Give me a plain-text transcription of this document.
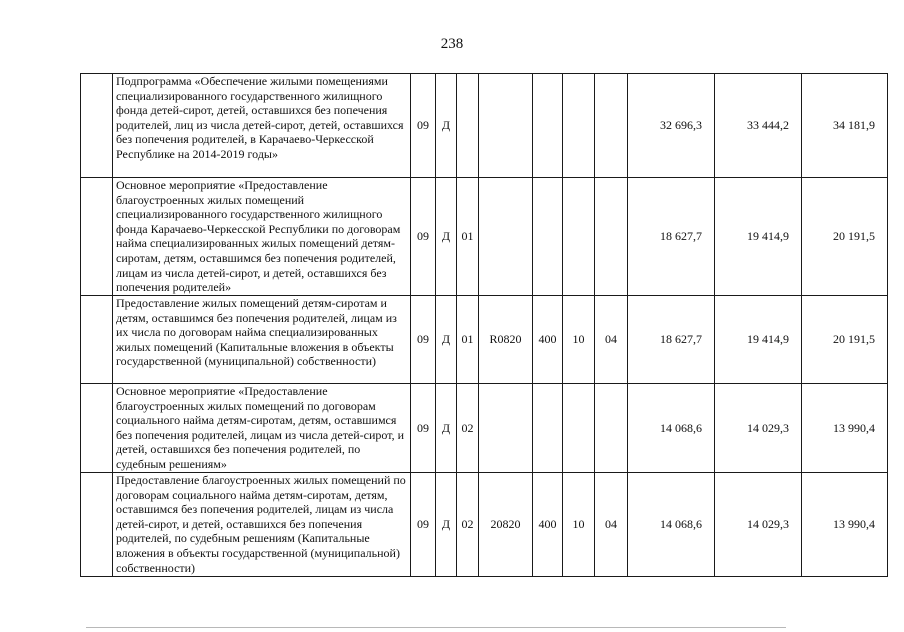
238
	Подпрограмма «Обеспечение жилыми помещениями специализированного государственного жилищного фонда детей-сирот, детей, оставшихся без попечения родителей, лиц из числа детей-сирот, детей, оставшихся без попечения родителей, в Карачаево-Черкесской Республике на 2014-2019 годы»	09	Д						32 696,3	33 444,2	34 181,9
	Основное мероприятие «Предоставление благоустроенных жилых помещений специализированного государственного жилищного фонда Карачаево-Черкесской Республики по договорам найма специализированных жилых помещений детям-сиротам, детям, оставшимся без попечения родителей, лицам из числа детей-сирот, и детей, оставшихся без попечения родителей»	09	Д	01					18 627,7	19 414,9	20 191,5
	Предоставление жилых помещений детям-сиротам и детям, оставшимся без попечения родителей, лицам из их числа по договорам найма специализированных жилых помещений (Капитальные вложения в объекты государственной (муниципальной) собственности)	09	Д	01	R0820	400	10	04	18 627,7	19 414,9	20 191,5
	Основное мероприятие «Предоставление благоустроенных жилых помещений по договорам социального найма детям-сиротам, детям, оставшимся без попечения родителей, лицам из числа детей-сирот, и детей, оставшихся без попечения родителей, по судебным решениям»	09	Д	02					14 068,6	14 029,3	13 990,4
	Предоставление благоустроенных жилых помещений по договорам социального найма детям-сиротам, детям, оставшимся без попечения родителей, лицам из числа детей-сирот, и детей, оставшихся без попечения родителей, по судебным решениям (Капитальные вложения в объекты государственной (муниципальной) собственности)	09	Д	02	20820	400	10	04	14 068,6	14 029,3	13 990,4
